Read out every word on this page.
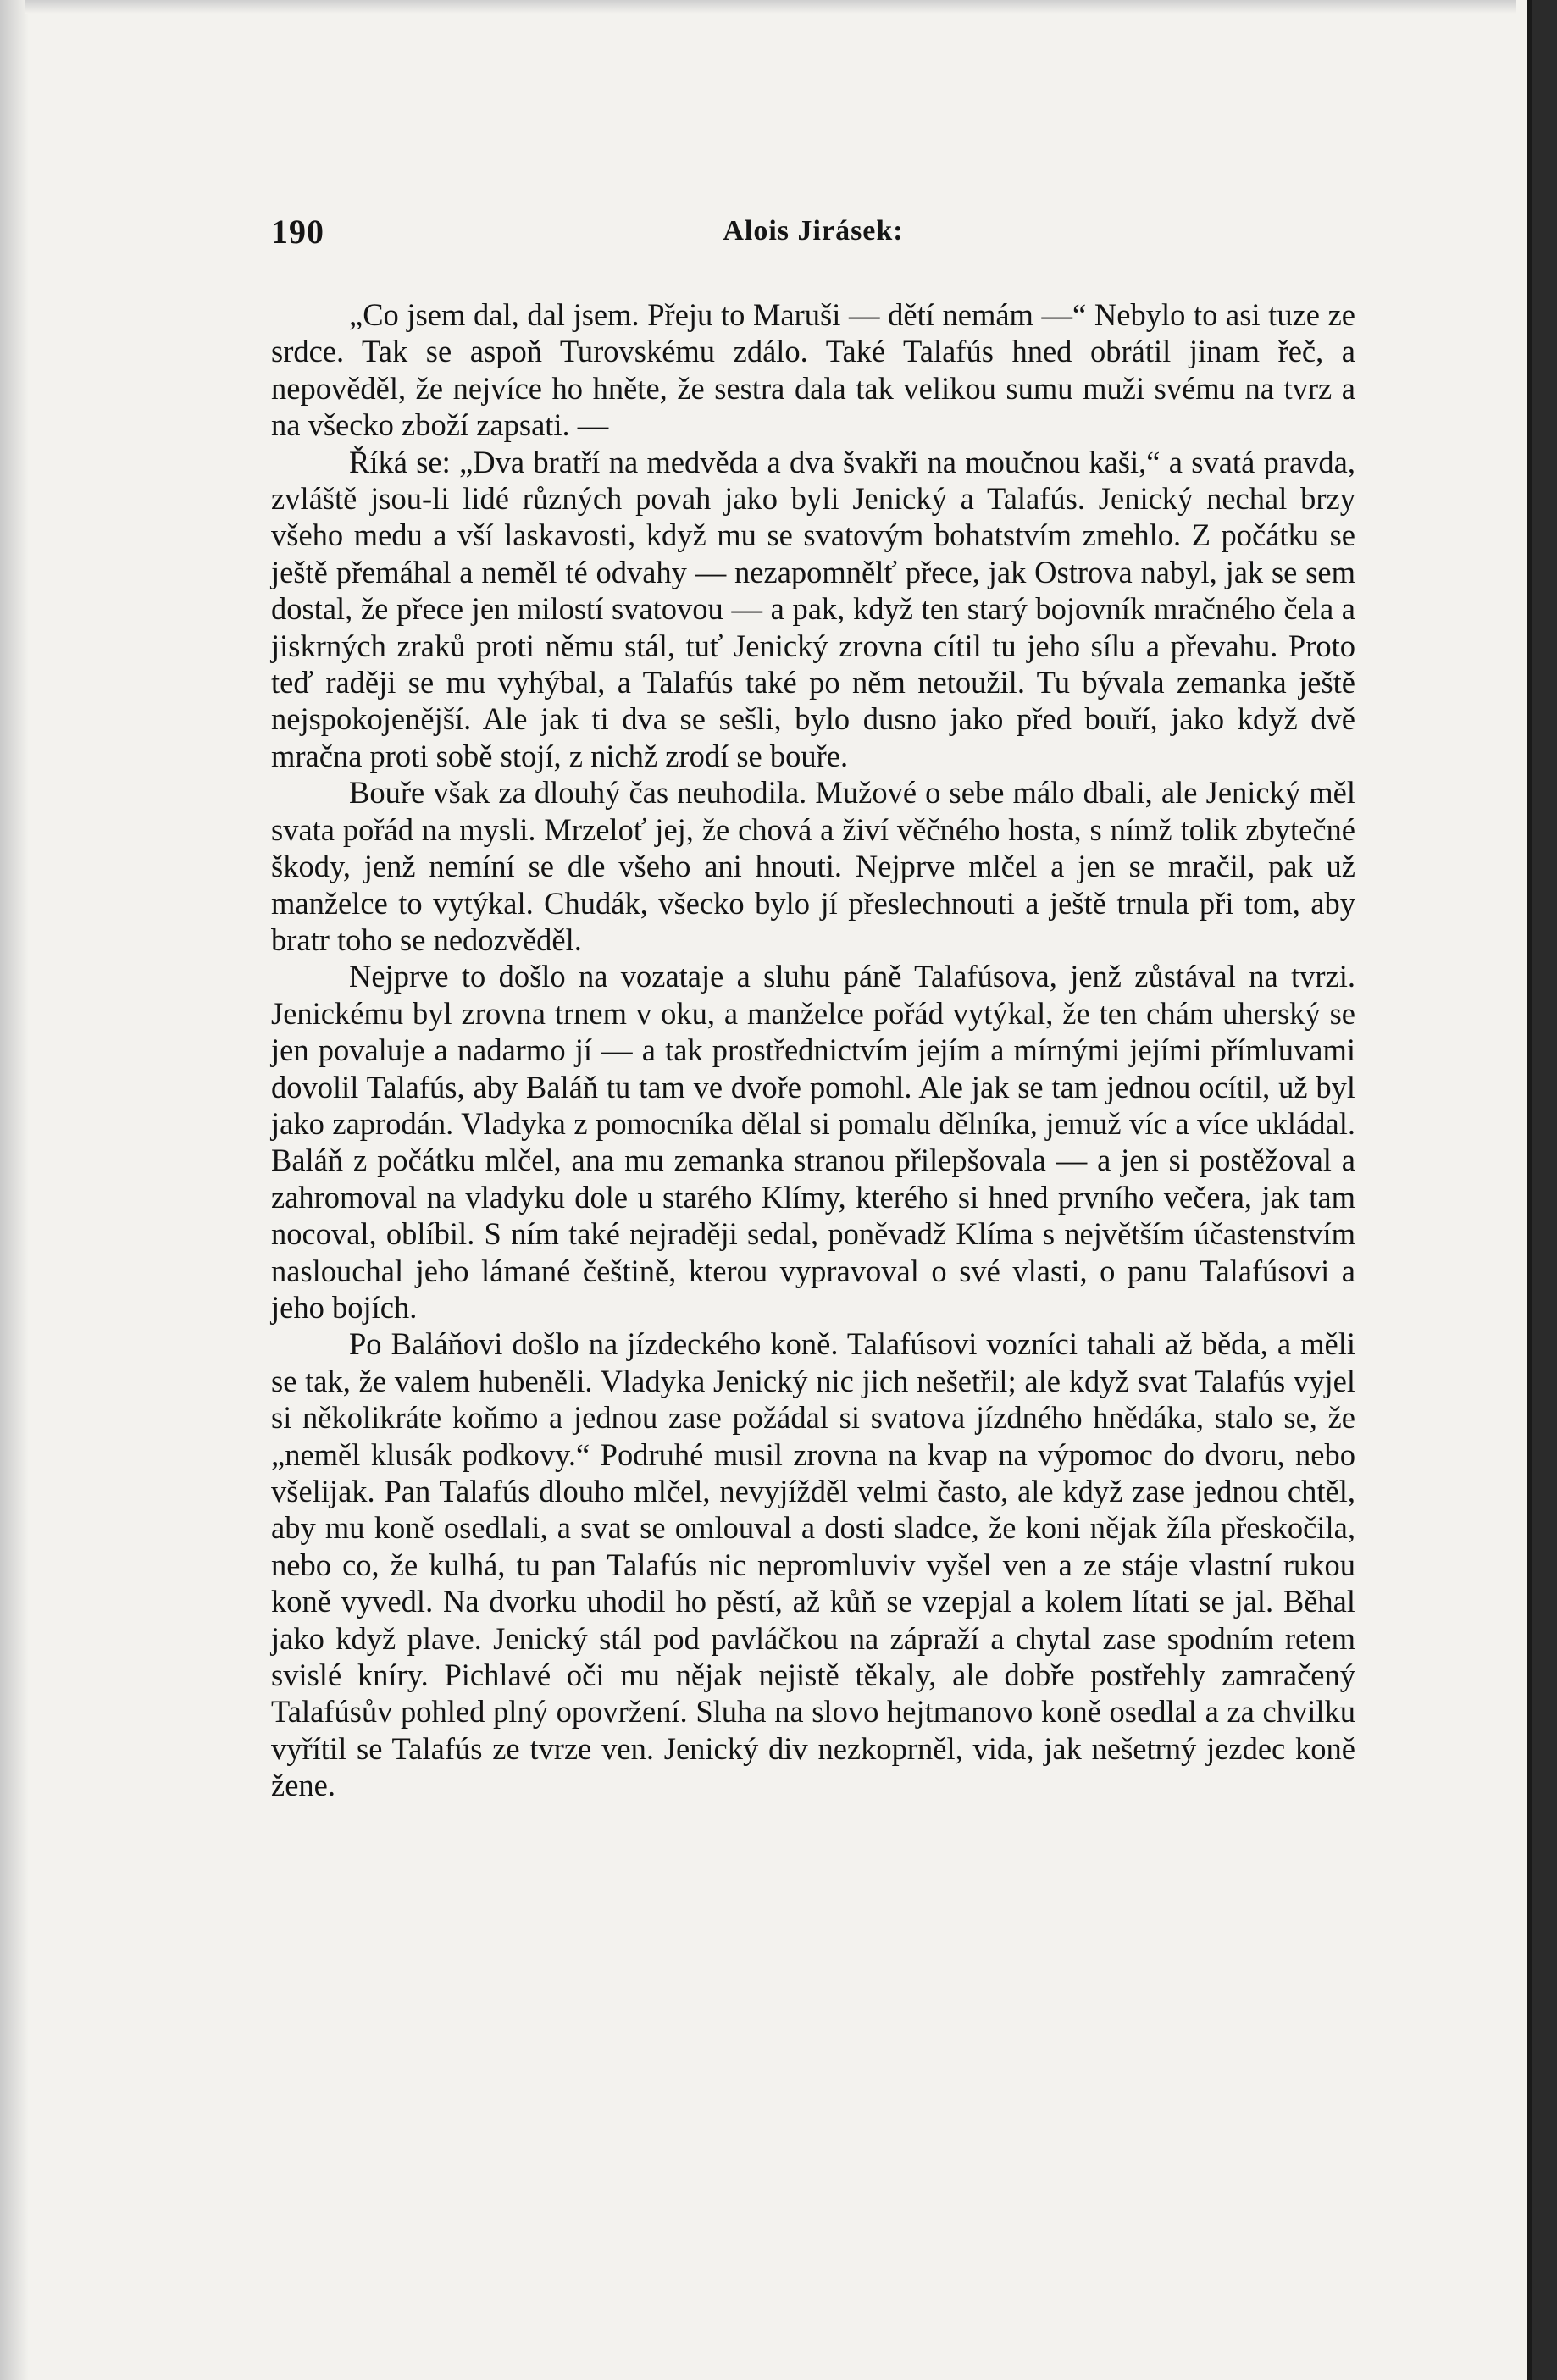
190	Alois Jirásek:

„Co jsem dal, dal jsem. Přeju to Maruši — dětí nemám —“ Nebylo to asi tuze ze srdce. Tak se aspoň Turovskému zdálo. Také Talafús hned obrátil jinam řeč, a nepověděl, že nejvíce ho hněte, že sestra dala tak velikou sumu muži svému na tvrz a na všecko zboží zapsati. —

Říká se: „Dva bratří na medvěda a dva švakři na moučnou kaši,“ a svatá pravda, zvláště jsou-li lidé různých povah jako byli Jenický a Talafús. Jenický nechal brzy všeho medu a vší laskavosti, když mu se svatovým bohatstvím zmehlo. Z počátku se ještě přemáhal a neměl té odvahy — nezapomnělť přece, jak Ostrova nabyl, jak se sem dostal, že přece jen milostí svatovou — a pak, když ten starý bojovník mračného čela a jiskrných zraků proti němu stál, tuť Jenický zrovna cítil tu jeho sílu a převahu. Proto teď raději se mu vyhýbal, a Talafús také po něm netoužil. Tu bývala zemanka ještě nejspokojenější. Ale jak ti dva se sešli, bylo dusno jako před bouří, jako když dvě mračna proti sobě stojí, z nichž zrodí se bouře.

Bouře však za dlouhý čas neuhodila. Mužové o sebe málo dbali, ale Jenický měl svata pořád na mysli. Mrzeloť jej, že chová a živí věčného hosta, s nímž tolik zbytečné škody, jenž nemíní se dle všeho ani hnouti. Nejprve mlčel a jen se mračil, pak už manželce to vytýkal. Chudák, všecko bylo jí přeslechnouti a ještě trnula při tom, aby bratr toho se nedozvěděl.

Nejprve to došlo na vozataje a sluhu páně Talafúsova, jenž zůstával na tvrzi. Jenickému byl zrovna trnem v oku, a manželce pořád vytýkal, že ten chám uherský se jen povaluje a nadarmo jí — a tak prostřednictvím jejím a mírnými jejími přímluvami dovolil Talafús, aby Baláň tu tam ve dvoře pomohl. Ale jak se tam jednou ocítil, už byl jako zaprodán. Vladyka z pomocníka dělal si pomalu dělníka, jemuž víc a více ukládal. Baláň z počátku mlčel, ana mu zemanka stranou přilepšovala — a jen si postěžoval a zahromoval na vladyku dole u starého Klímy, kterého si hned prvního večera, jak tam nocoval, oblíbil. S ním také nejraději sedal, poněvadž Klíma s největším účastenstvím naslouchal jeho lámané češtině, kterou vypravoval o své vlasti, o panu Talafúsovi a jeho bojích.

Po Baláňovi došlo na jízdeckého koně. Talafúsovi vozníci tahali až běda, a měli se tak, že valem hubeněli. Vladyka Jenický nic jich nešetřil; ale když svat Talafús vyjel si několikráte koňmo a jednou zase požádal si svatova jízdného hnědáka, stalo se, že „neměl klusák podkovy.“ Podruhé musil zrovna na kvap na výpomoc do dvoru, nebo všelijak. Pan Talafús dlouho mlčel, nevyjížděl velmi často, ale když zase jednou chtěl, aby mu koně osedlali, a svat se omlouval a dosti sladce, že koni nějak žíla přeskočila, nebo co, že kulhá, tu pan Talafús nic nepromluviv vyšel ven a ze stáje vlastní rukou koně vyvedl. Na dvorku uhodil ho pěstí, až kůň se vzepjal a kolem lítati se jal. Běhal jako když plave. Jenický stál pod pavláčkou na zápraží a chytal zase spodním retem svislé kníry. Pichlavé oči mu nějak nejistě těkaly, ale dobře postřehly zamračený Talafúsův pohled plný opovržení. Sluha na slovo hejtmanovo koně osedlal a za chvilku vyřítil se Talafús ze tvrze ven. Jenický div nezkoprněl, vida, jak nešetrný jezdec koně žene.
